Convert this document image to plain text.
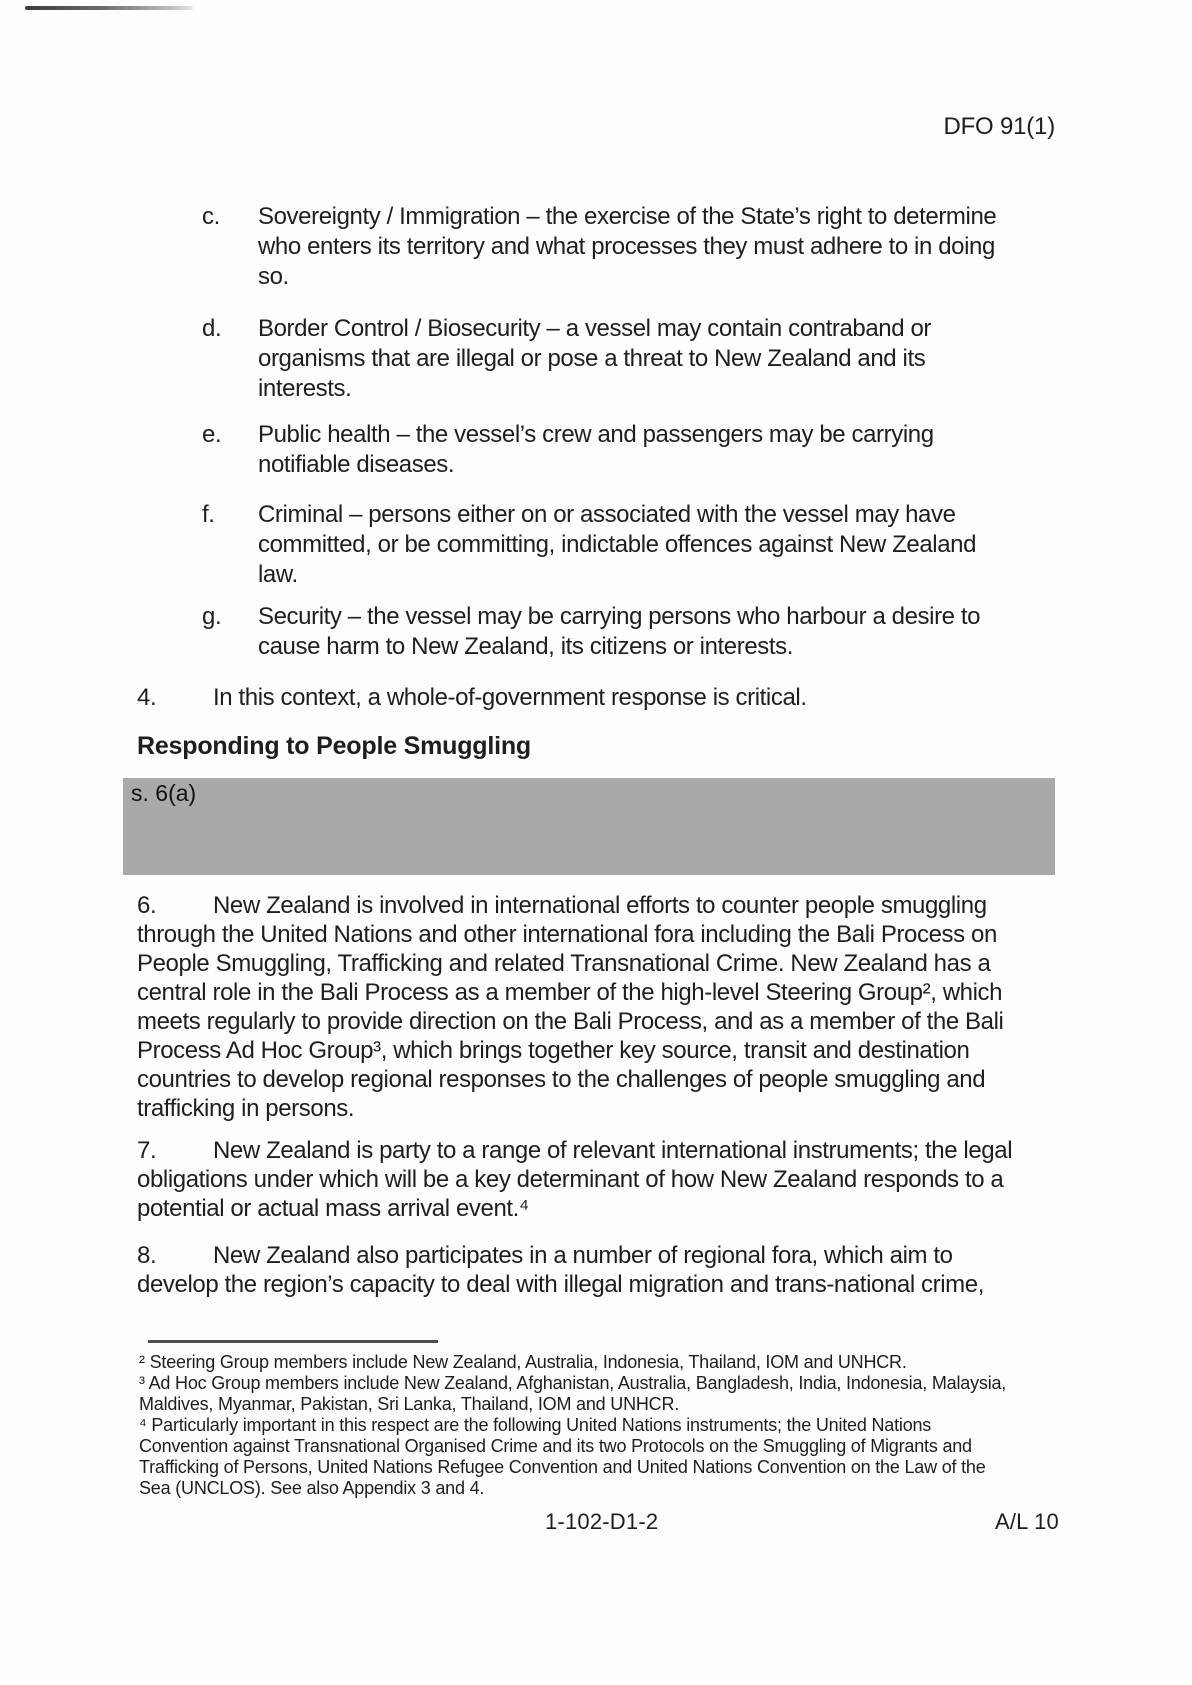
DFO 91(1)
c. Sovereignty / Immigration – the exercise of the State’s right to determine
who enters its territory and what processes they must adhere to in doing
so.
d. Border Control / Biosecurity – a vessel may contain contraband or
organisms that are illegal or pose a threat to New Zealand and its
interests.
e. Public health – the vessel’s crew and passengers may be carrying
notifiable diseases.
f. Criminal – persons either on or associated with the vessel may have
committed, or be committing, indictable offences against New Zealand
law.
g. Security – the vessel may be carrying persons who harbour a desire to
cause harm to New Zealand, its citizens or interests.
4. In this context, a whole-of-government response is critical.
Responding to People Smuggling
s. 6(a)
6. New Zealand is involved in international efforts to counter people smuggling
through the United Nations and other international fora including the Bali Process on
People Smuggling, Trafficking and related Transnational Crime. New Zealand has a
central role in the Bali Process as a member of the high-level Steering Group², which
meets regularly to provide direction on the Bali Process, and as a member of the Bali
Process Ad Hoc Group³, which brings together key source, transit and destination
countries to develop regional responses to the challenges of people smuggling and
trafficking in persons.
7. New Zealand is party to a range of relevant international instruments; the legal
obligations under which will be a key determinant of how New Zealand responds to a
potential or actual mass arrival event.⁴
8. New Zealand also participates in a number of regional fora, which aim to
develop the region’s capacity to deal with illegal migration and trans-national crime,
² Steering Group members include New Zealand, Australia, Indonesia, Thailand, IOM and UNHCR.
³ Ad Hoc Group members include New Zealand, Afghanistan, Australia, Bangladesh, India, Indonesia, Malaysia,
Maldives, Myanmar, Pakistan, Sri Lanka, Thailand, IOM and UNHCR.
⁴ Particularly important in this respect are the following United Nations instruments; the United Nations
Convention against Transnational Organised Crime and its two Protocols on the Smuggling of Migrants and
Trafficking of Persons, United Nations Refugee Convention and United Nations Convention on the Law of the
Sea (UNCLOS). See also Appendix 3 and 4.
1-102-D1-2	A/L 10
